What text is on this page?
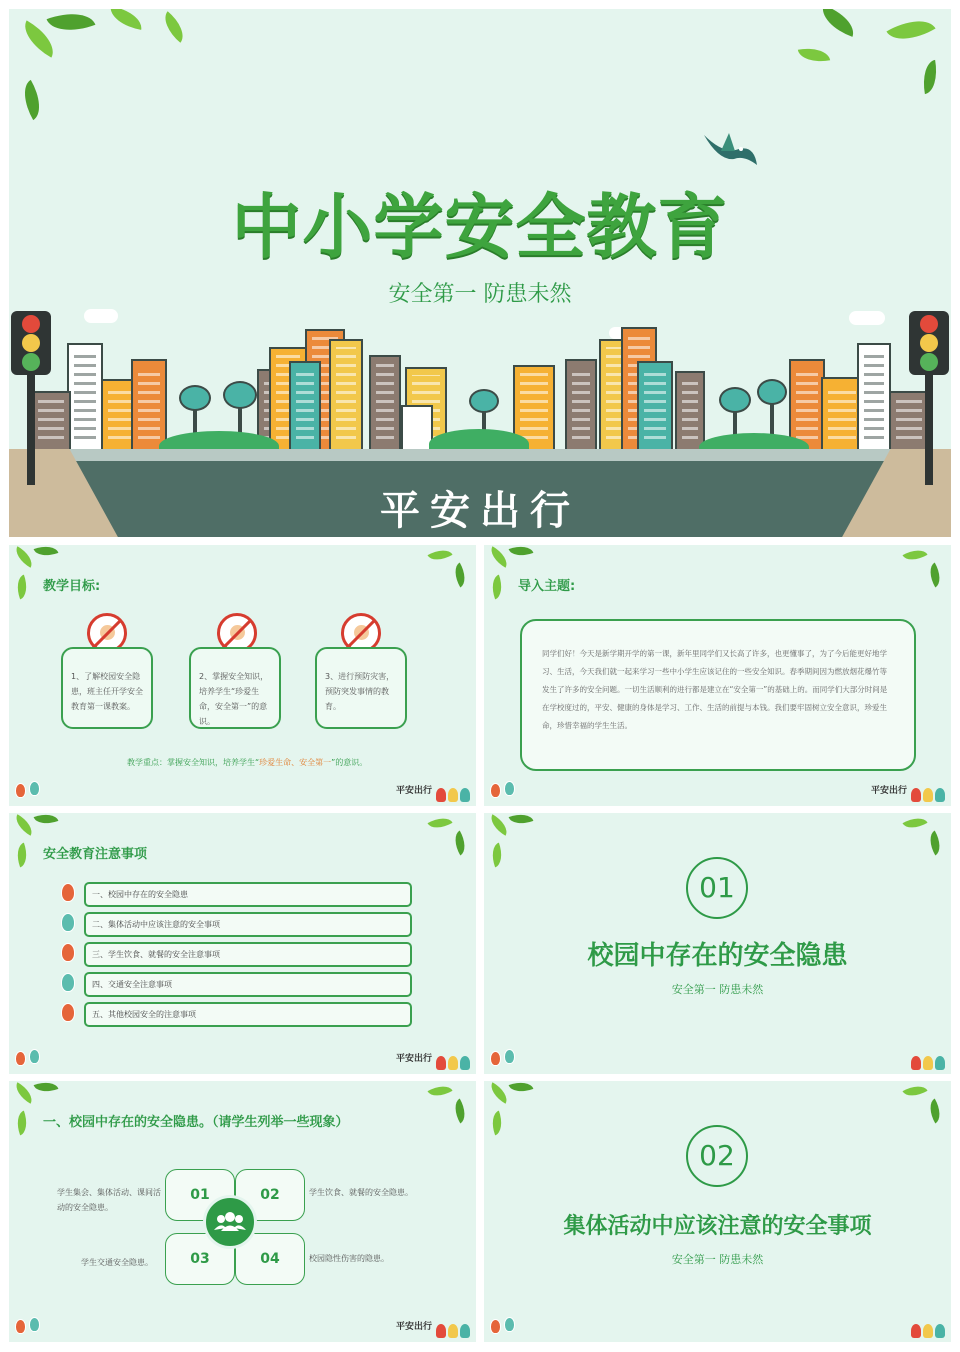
中小学安全教育
安全第一 防患未然
平安出行
教学目标:
1、了解校园安全隐患，班主任开学安全教育第一课教案。
2、掌握安全知识，培养学生“珍爱生命，安全第一”的意识。
3、进行预防灾害，预防突发事情的教育。
教学重点：掌握安全知识，培养学生“珍爱生命、安全第一”的意识。
平安出行
导入主题:
同学们好！今天是新学期开学的第一课，新年里同学们又长高了许多，也更懂事了，为了今后能更好地学习、生活，今天我们就一起来学习一些中小学生应该记住的一些安全知识。春季期间因为燃放烟花爆竹等发生了许多的安全问题。一切生活顺利的进行都是建立在“安全第一”的基础上的。而同学们大部分时间是在学校度过的，平安、健康的身体是学习、工作、生活的前提与本钱。我们要牢固树立安全意识，珍爱生命，珍惜幸福的学生生活。
平安出行
安全教育注意事项
一、校园中存在的安全隐患
二、集体活动中应该注意的安全事项
三、学生饮食、就餐的安全注意事项
四、交通安全注意事项
五、其他校园安全的注意事项
平安出行
01
校园中存在的安全隐患
安全第一 防患未然
一、校园中存在的安全隐患。（请学生列举一些现象）
01	02
03	04
学生集会、集体活动、课间活动的安全隐患。
学生饮食、就餐的安全隐患。
学生交通安全隐患。	校园隐性伤害的隐患。
平安出行
02
集体活动中应该注意的安全事项
安全第一 防患未然
